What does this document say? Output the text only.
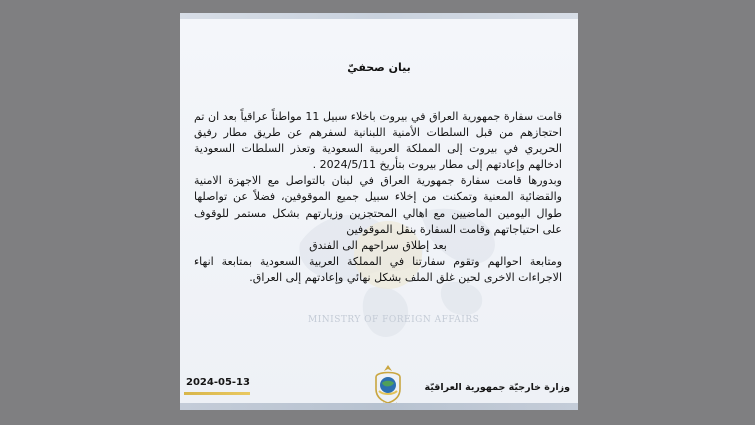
MINISTRY OF FOREIGN AFFAIRS
بيان صحفيّ

قامت سفارة جمهورية العراق في بيروت باخلاء سبيل 11 مواطناً عراقياً بعد ان تم احتجازهم من قبل السلطات الأمنية اللبنانية لسفرهم عن طريق مطار رفيق الحريري في بيروت إلى المملكة العربية السعودية وتعذر السلطات السعودية ادخالهم وإعادتهم إلى مطار بيروت بتأريخ 2024/5/11 .

وبدورها قامت سفارة جمهورية العراق في لبنان بالتواصل مع الاجهزة الامنية والقضائية المعنية وتمكنت من إخلاء سبيل جميع الموقوفين، فضلاً عن تواصلها طوال اليومين الماضيين مع اهالي المحتجزين وزيارتهم بشكل مستمر للوقوف على احتياجاتهم وقامت السفارة بنقل الموقوفين

بعد إطلاق سراحهم الى الفندق

ومتابعة احوالهم وتقوم سفارتنا في المملكة العربية السعودية بمتابعة انهاء الاجراءات الاخرى لحين غلق الملف بشكل نهائي وإعادتهم إلى العراق.

2024-05-13	وزارة خارجيّة جمهورية العراقيّة
